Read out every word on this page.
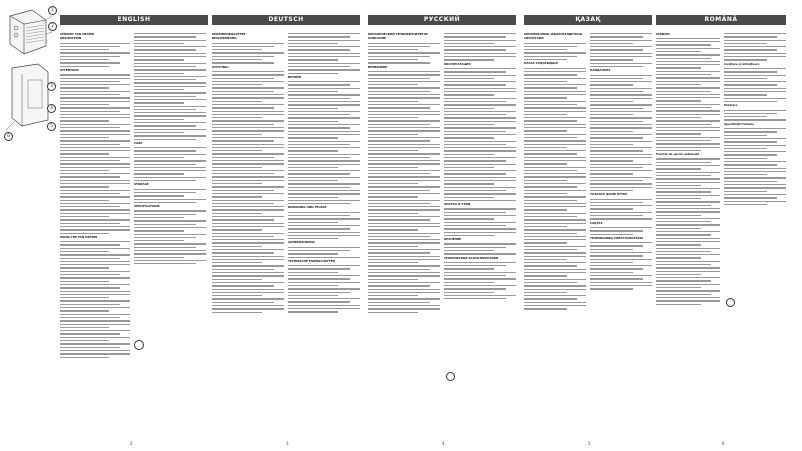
ENGLISH	DEUTSCH	РУССКИЙ	ҚАЗАҚ	ROMÂNĂ
1
2
3
4
5
6
CERAMIC FAN HEATER
DESCRIPTION
ATTENTION!
USING THE FAN HEATER
CARE
STORAGE
SPECIFICATIONS
KERAMIKHEIZLÜFTER
BESCHREIBUNG
ACHTUNG!
BETRIEB
REINIGUNG UND PFLEGE
AUFBEWAHRUNG
TECHNISCHE EIGENSCHAFTEN
КЕРАМИЧЕСКИЙ ТЕПЛОВЕНТИЛЯТОР
ОПИСАНИЕ
ВНИМАНИЕ!
ЭКСПЛУАТАЦИЯ
ЧИСТКА И УХОД
ХРАНЕНИЕ
ТЕХНИЧЕСКИЕ ХАРАКТЕРИСТИКИ
КЕРАМИКАЛЫҚ ЖЫЛУЖЕЛДЕТКІШ
СИПАТТАМА
НАЗАР АУДАРЫҢЫЗ!
ПАЙДАЛАНУ
ТАЗАЛАУ ЖӘНЕ КҮТІМ
САҚТАУ
ТЕХНИКАЛЫҚ СИПАТТАМАЛАРЫ
ATENŢIE!
Funcţia de oprire automată
Curăţare şi întreţinere
Păstrare
Specificaţii tehnice
2	3	4	5	6
